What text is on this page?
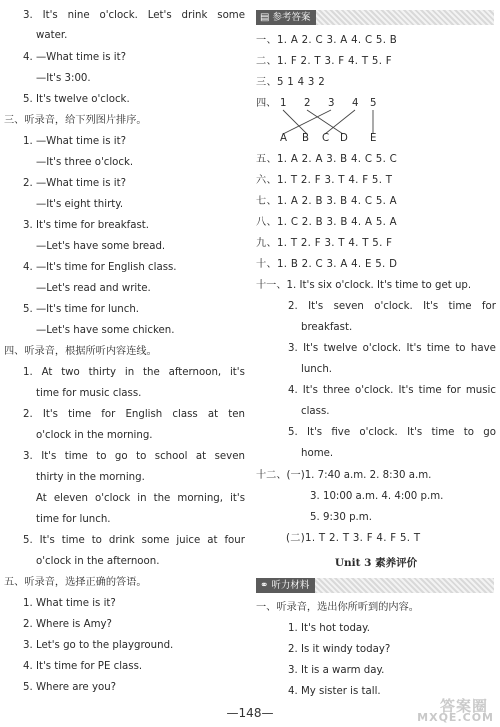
3. It's nine o'clock. Let's drink some
water.
4. —What time is it?
—It's 3:00.
5. It's twelve o'clock.
三、听录音，给下列图片排序。
1. —What time is it?
—It's three o'clock.
2. —What time is it?
—It's eight thirty.
3. It's time for breakfast.
—Let's have some bread.
4. —It's time for English class.
—Let's read and write.
5. —It's time for lunch.
—Let's have some chicken.
四、听录音，根据所听内容连线。
1. At two thirty in the afternoon, it's
time for music class.
2. It's time for English class at ten
o'clock in the morning.
3. It's time to go to school at seven
thirty in the morning.
At eleven o'clock in the morning, it's
time for lunch.
5. It's time to drink some juice at four
o'clock in the afternoon.
五、听录音，选择正确的答语。
1. What time is it?
2. Where is Amy?
3. Let's go to the playground.
4. It's time for PE class.
5. Where are you?
▤ 参考答案
一、1. A 2. C 3. A 4. C 5. B
二、1. F 2. T 3. F 4. T 5. F
三、5 1 4 3 2
四、 1 2 3 4 5
A B C D E
五、1. A 2. A 3. B 4. C 5. C
六、1. T 2. F 3. T 4. F 5. T
七、1. A 2. B 3. B 4. C 5. A
八、1. C 2. B 3. B 4. A 5. A
九、1. T 2. F 3. T 4. T 5. F
十、1. B 2. C 3. A 4. E 5. D
十一、1. It's six o'clock. It's time to get up.
2. It's seven o'clock. It's time for
breakfast.
3. It's twelve o'clock. It's time to have
lunch.
4. It's three o'clock. It's time for music
class.
5. It's five o'clock. It's time to go
home.
十二、(一)1. 7:40 a.m. 2. 8:30 a.m.
3. 10:00 a.m. 4. 4:00 p.m.
5. 9:30 p.m.
(二)1. T 2. T 3. F 4. F 5. T
Unit 3 素养评价
⚭ 听力材料
一、听录音，选出你所听到的内容。
1. It's hot today.
2. Is it windy today?
3. It is a warm day.
4. My sister is tall.
—148—	答案圈
MXQE.COM
